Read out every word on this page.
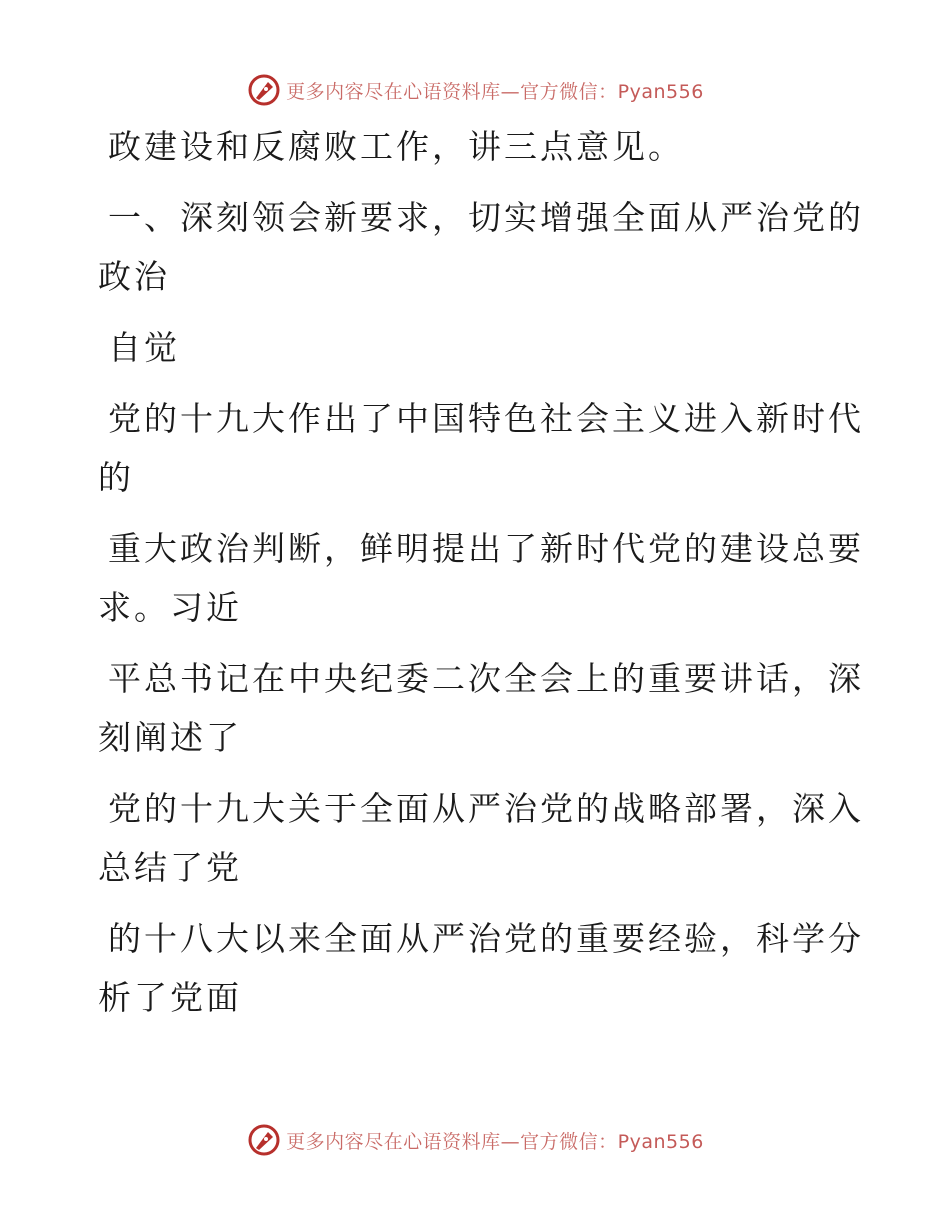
更多内容尽在心语资料库—官方微信：Pyan556
政建设和反腐败工作，讲三点意见。
一、深刻领会新要求，切实增强全面从严治党的
政治
自觉
党的十九大作出了中国特色社会主义进入新时代
的
重大政治判断，鲜明提出了新时代党的建设总要
求。习近
平总书记在中央纪委二次全会上的重要讲话，深
刻阐述了
党的十九大关于全面从严治党的战略部署，深入
总结了党
的十八大以来全面从严治党的重要经验，科学分
析了党面
更多内容尽在心语资料库—官方微信：Pyan556
